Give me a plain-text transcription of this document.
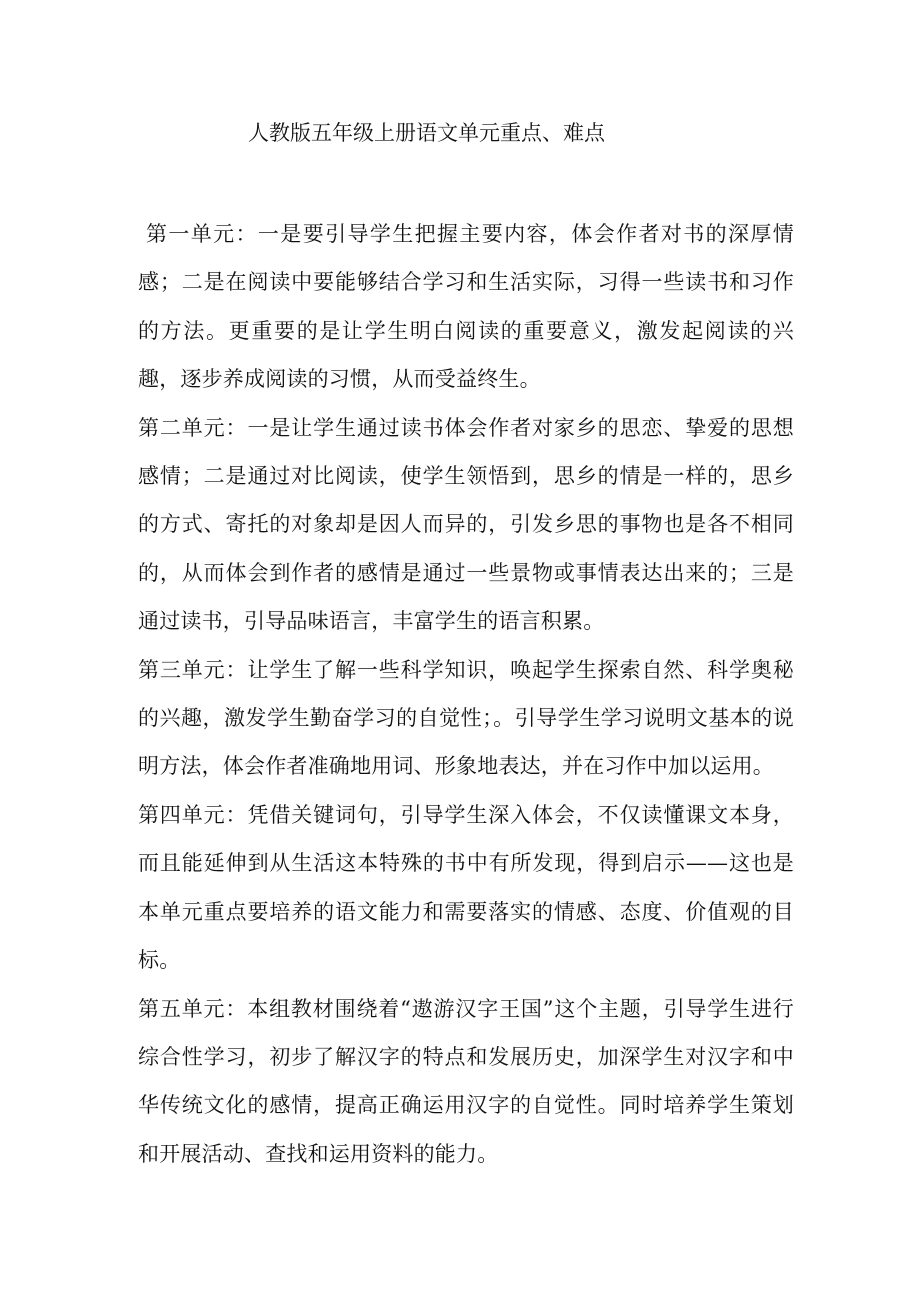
人教版五年级上册语文单元重点、难点

第一单元：一是要引导学生把握主要内容，体会作者对书的深厚情感；二是在阅读中要能够结合学习和生活实际，习得一些读书和习作的方法。更重要的是让学生明白阅读的重要意义，激发起阅读的兴趣，逐步养成阅读的习惯，从而受益终生。

第二单元：一是让学生通过读书体会作者对家乡的思恋、挚爱的思想感情；二是通过对比阅读，使学生领悟到，思乡的情是一样的，思乡的方式、寄托的对象却是因人而异的，引发乡思的事物也是各不相同的，从而体会到作者的感情是通过一些景物或事情表达出来的；三是通过读书，引导品味语言，丰富学生的语言积累。

第三单元：让学生了解一些科学知识，唤起学生探索自然、科学奥秘的兴趣，激发学生勤奋学习的自觉性；。引导学生学习说明文基本的说明方法，体会作者准确地用词、形象地表达，并在习作中加以运用。

第四单元：凭借关键词句，引导学生深入体会，不仅读懂课文本身，而且能延伸到从生活这本特殊的书中有所发现，得到启示——这也是本单元重点要培养的语文能力和需要落实的情感、态度、价值观的目标。

第五单元：本组教材围绕着“遨游汉字王国”这个主题，引导学生进行综合性学习，初步了解汉字的特点和发展历史，加深学生对汉字和中华传统文化的感情，提高正确运用汉字的自觉性。同时培养学生策划和开展活动、查找和运用资料的能力。
